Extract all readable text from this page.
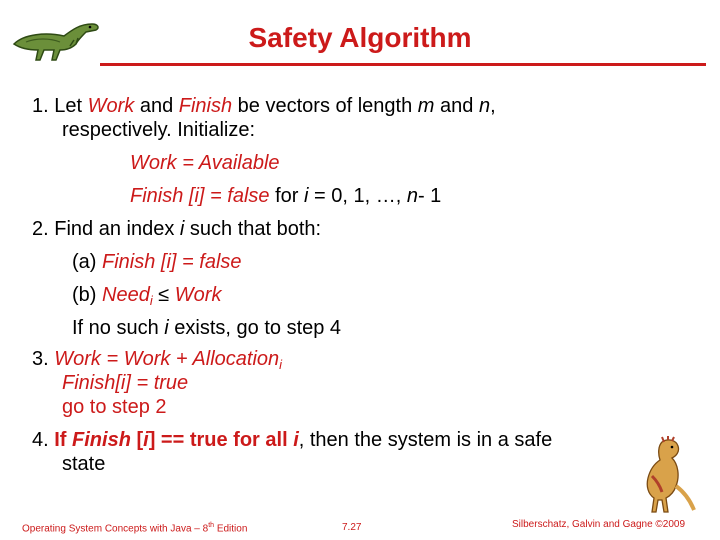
Safety Algorithm
1. Let Work and Finish be vectors of length m and n,
respectively. Initialize:
Work = Available
Finish [i] = false for i = 0, 1, …, n- 1
2. Find an index i such that both:
(a) Finish [i] = false
(b) Need$_i$ ≤ Work
If no such i exists, go to step 4
3. Work = Work + Allocation$_i$
Finish[i] = true
go to step 2
4. If Finish [i] == true for all i, then the system is in a safe
state
Operating System Concepts with Java – 8th Edition	7.27	Silberschatz, Galvin and Gagne ©2009
